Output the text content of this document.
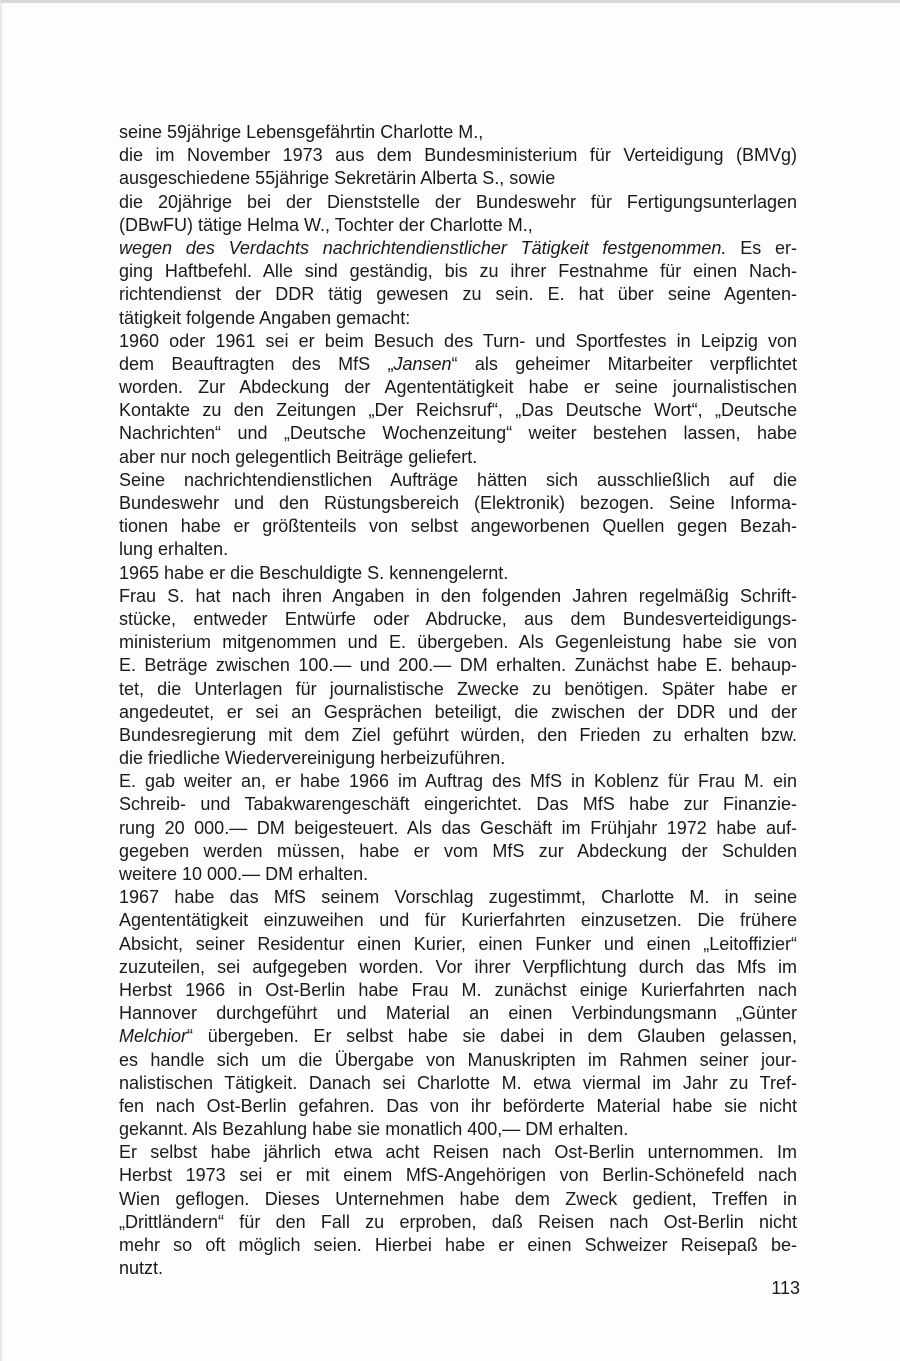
seine 59jährige Lebensgefährtin Charlotte M.,
die im November 1973 aus dem Bundesministerium für Verteidigung (BMVg)
ausgeschiedene 55jährige Sekretärin Alberta S., sowie
die 20jährige bei der Dienststelle der Bundeswehr für Fertigungsunterlagen
(DBwFU) tätige Helma W., Tochter der Charlotte M.,
wegen des Verdachts nachrichtendienstlicher Tätigkeit festgenommen. Es er-
ging Haftbefehl. Alle sind geständig, bis zu ihrer Festnahme für einen Nach-
richtendienst der DDR tätig gewesen zu sein. E. hat über seine Agenten-
tätigkeit folgende Angaben gemacht:
1960 oder 1961 sei er beim Besuch des Turn- und Sportfestes in Leipzig von
dem Beauftragten des MfS „Jansen“ als geheimer Mitarbeiter verpflichtet
worden. Zur Abdeckung der Agententätigkeit habe er seine journalistischen
Kontakte zu den Zeitungen „Der Reichsruf“, „Das Deutsche Wort“, „Deutsche
Nachrichten“ und „Deutsche Wochenzeitung“ weiter bestehen lassen, habe
aber nur noch gelegentlich Beiträge geliefert.
Seine nachrichtendienstlichen Aufträge hätten sich ausschließlich auf die
Bundeswehr und den Rüstungsbereich (Elektronik) bezogen. Seine Informa-
tionen habe er größtenteils von selbst angeworbenen Quellen gegen Bezah-
lung erhalten.
1965 habe er die Beschuldigte S. kennengelernt.
Frau S. hat nach ihren Angaben in den folgenden Jahren regelmäßig Schrift-
stücke, entweder Entwürfe oder Abdrucke, aus dem Bundesverteidigungs-
ministerium mitgenommen und E. übergeben. Als Gegenleistung habe sie von
E. Beträge zwischen 100.— und 200.— DM erhalten. Zunächst habe E. behaup-
tet, die Unterlagen für journalistische Zwecke zu benötigen. Später habe er
angedeutet, er sei an Gesprächen beteiligt, die zwischen der DDR und der
Bundesregierung mit dem Ziel geführt würden, den Frieden zu erhalten bzw.
die friedliche Wiedervereinigung herbeizuführen.
E. gab weiter an, er habe 1966 im Auftrag des MfS in Koblenz für Frau M. ein
Schreib- und Tabakwarengeschäft eingerichtet. Das MfS habe zur Finanzie-
rung 20 000.— DM beigesteuert. Als das Geschäft im Frühjahr 1972 habe auf-
gegeben werden müssen, habe er vom MfS zur Abdeckung der Schulden
weitere 10 000.— DM erhalten.
1967 habe das MfS seinem Vorschlag zugestimmt, Charlotte M. in seine
Agententätigkeit einzuweihen und für Kurierfahrten einzusetzen. Die frühere
Absicht, seiner Residentur einen Kurier, einen Funker und einen „Leitoffizier“
zuzuteilen, sei aufgegeben worden. Vor ihrer Verpflichtung durch das Mfs im
Herbst 1966 in Ost-Berlin habe Frau M. zunächst einige Kurierfahrten nach
Hannover durchgeführt und Material an einen Verbindungsmann „Günter
Melchior“ übergeben. Er selbst habe sie dabei in dem Glauben gelassen,
es handle sich um die Übergabe von Manuskripten im Rahmen seiner jour-
nalistischen Tätigkeit. Danach sei Charlotte M. etwa viermal im Jahr zu Tref-
fen nach Ost-Berlin gefahren. Das von ihr beförderte Material habe sie nicht
gekannt. Als Bezahlung habe sie monatlich 400,— DM erhalten.
Er selbst habe jährlich etwa acht Reisen nach Ost-Berlin unternommen. Im
Herbst 1973 sei er mit einem MfS-Angehörigen von Berlin-Schönefeld nach
Wien geflogen. Dieses Unternehmen habe dem Zweck gedient, Treffen in
„Drittländern“ für den Fall zu erproben, daß Reisen nach Ost-Berlin nicht
mehr so oft möglich seien. Hierbei habe er einen Schweizer Reisepaß be-
nutzt.
113
